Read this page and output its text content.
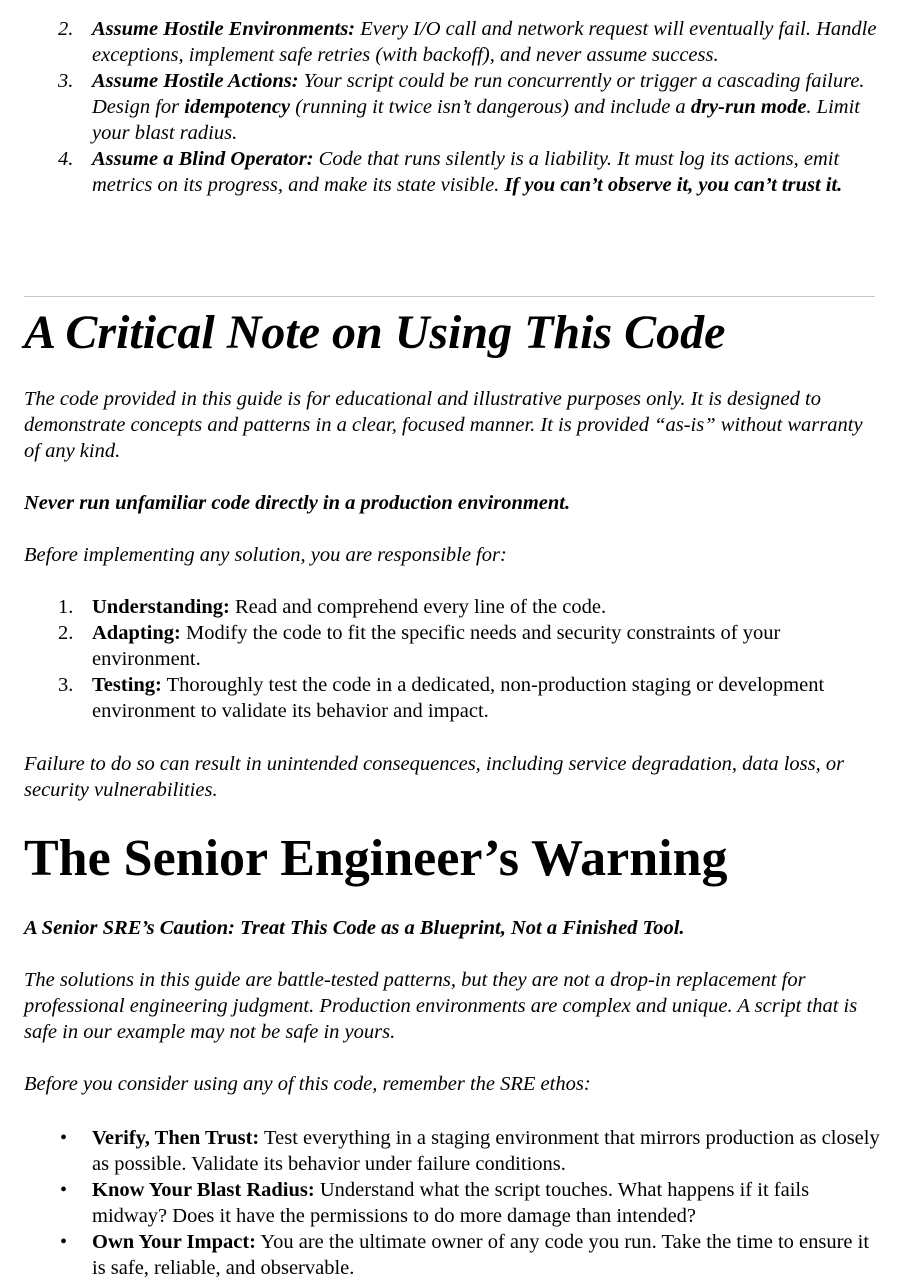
2. Assume Hostile Environments: Every I/O call and network request will eventually fail. Handle exceptions, implement safe retries (with backoff), and never assume success.
3. Assume Hostile Actions: Your script could be run concurrently or trigger a cascading failure. Design for idempotency (running it twice isn’t dangerous) and include a dry-run mode. Limit your blast radius.
4. Assume a Blind Operator: Code that runs silently is a liability. It must log its actions, emit metrics on its progress, and make its state visible. If you can’t observe it, you can’t trust it.
A Critical Note on Using This Code

The code provided in this guide is for educational and illustrative purposes only. It is designed to demonstrate concepts and patterns in a clear, focused manner. It is provided “as-is” without warranty of any kind.

Never run unfamiliar code directly in a production environment.

Before implementing any solution, you are responsible for:

1. Understanding: Read and comprehend every line of the code.
2. Adapting: Modify the code to fit the specific needs and security constraints of your environment.
3. Testing: Thoroughly test the code in a dedicated, non-production staging or development environment to validate its behavior and impact.

Failure to do so can result in unintended consequences, including service degradation, data loss, or security vulnerabilities.

The Senior Engineer’s Warning

A Senior SRE’s Caution: Treat This Code as a Blueprint, Not a Finished Tool.

The solutions in this guide are battle-tested patterns, but they are not a drop-in replacement for professional engineering judgment. Production environments are complex and unique. A script that is safe in our example may not be safe in yours.

Before you consider using any of this code, remember the SRE ethos:

• Verify, Then Trust: Test everything in a staging environment that mirrors production as closely as possible. Validate its behavior under failure conditions.
• Know Your Blast Radius: Understand what the script touches. What happens if it fails midway? Does it have the permissions to do more damage than intended?
• Own Your Impact: You are the ultimate owner of any code you run. Take the time to ensure it is safe, reliable, and observable.
